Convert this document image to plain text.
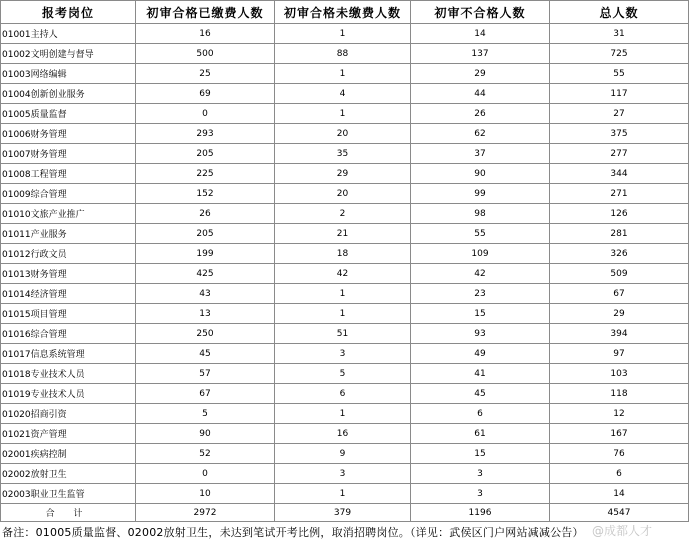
报考岗位	初审合格已缴费人数	初审合格未缴费人数	初审不合格人数	总人数
01001主持人	16	1	14	31
01002文明创建与督导	500	88	137	725
01003网络编辑	25	1	29	55
01004创新创业服务	69	4	44	117
01005质量监督	0	1	26	27
01006财务管理	293	20	62	375
01007财务管理	205	35	37	277
01008工程管理	225	29	90	344
01009综合管理	152	20	99	271
01010文旅产业推广	26	2	98	126
01011产业服务	205	21	55	281
01012行政文员	199	18	109	326
01013财务管理	425	42	42	509
01014经济管理	43	1	23	67
01015项目管理	13	1	15	29
01016综合管理	250	51	93	394
01017信息系统管理	45	3	49	97
01018专业技术人员	57	5	41	103
01019专业技术人员	67	6	45	118
01020招商引资	5	1	6	12
01021资产管理	90	16	61	167
02001疾病控制	52	9	15	76
02002放射卫生	0	3	3	6
02003职业卫生监管	10	1	3	14
合 计	2972	379	1196	4547
备注：01005质量监督、02002放射卫生，未达到笔试开考比例，取消招聘岗位。（详见：武侯区门户网站减减公告） @成都人才
